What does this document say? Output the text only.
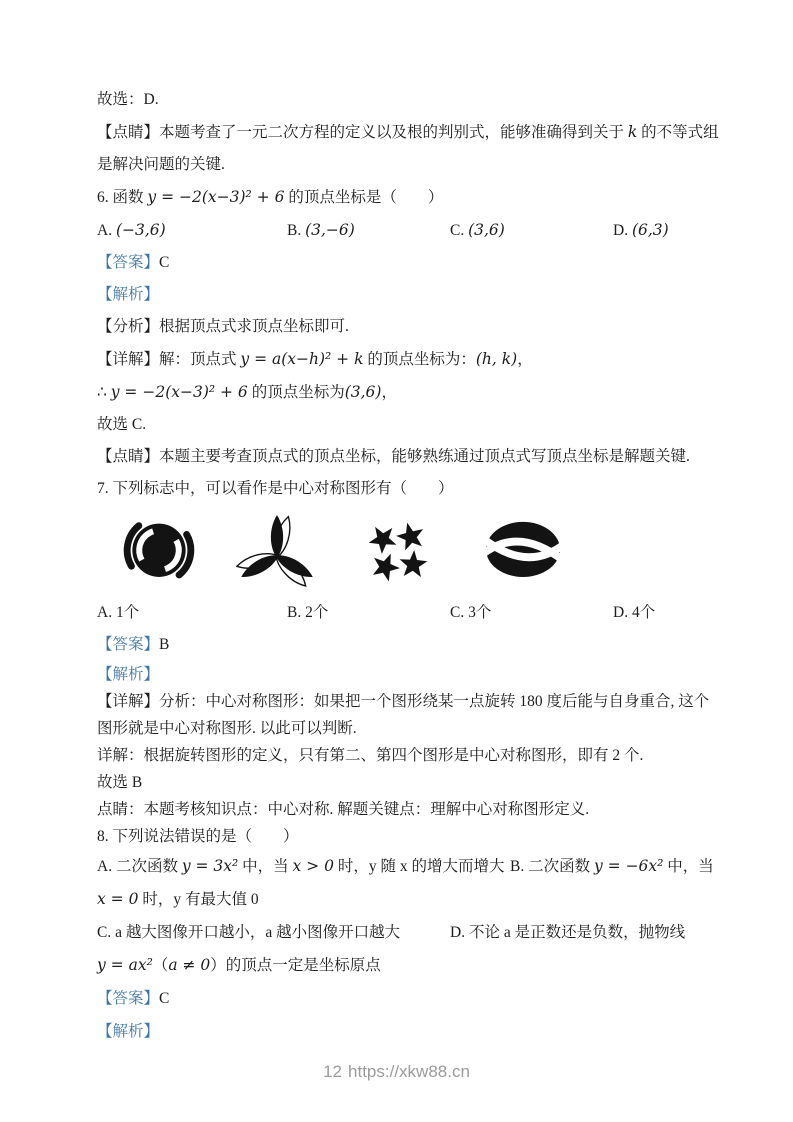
故选：D.

【点睛】本题考查了一元二次方程的定义以及根的判别式，能够准确得到关于 k 的不等式组

是解决问题的关键.

6. 函数 y = −2(x−3)² + 6 的顶点坐标是（　　）

A. (−3,6)	B. (3,−6)	C. (3,6)	D. (6,3)

【答案】C

【解析】

【分析】根据顶点式求顶点坐标即可.

【详解】解：顶点式 y = a(x−h)² + k 的顶点坐标为：(h, k)，

∴ y = −2(x−3)² + 6 的顶点坐标为(3,6)，

故选 C.

【点睛】本题主要考查顶点式的顶点坐标，能够熟练通过顶点式写顶点坐标是解题关键.

7. 下列标志中，可以看作是中心对称图形有（　　）

A. 1个	B. 2个	C. 3个	D. 4个

【答案】B

【解析】

【详解】分析：中心对称图形：如果把一个图形绕某一点旋转 180 度后能与自身重合, 这个

图形就是中心对称图形. 以此可以判断.

详解：根据旋转图形的定义，只有第二、第四个图形是中心对称图形，即有 2 个.

故选 B

点睛：本题考核知识点：中心对称. 解题关键点：理解中心对称图形定义.

8. 下列说法错误的是（　　）

A. 二次函数 y = 3x² 中，当 x > 0 时，y 随 x 的增大而增大 B. 二次函数 y = −6x² 中，当

x = 0 时，y 有最大值 0

C. a 越大图像开口越小，a 越小图像开口越大	D. 不论 a 是正数还是负数，抛物线

y = ax²（a ≠ 0）的顶点一定是坐标原点

【答案】C

【解析】

12 https://xkw88.cn
